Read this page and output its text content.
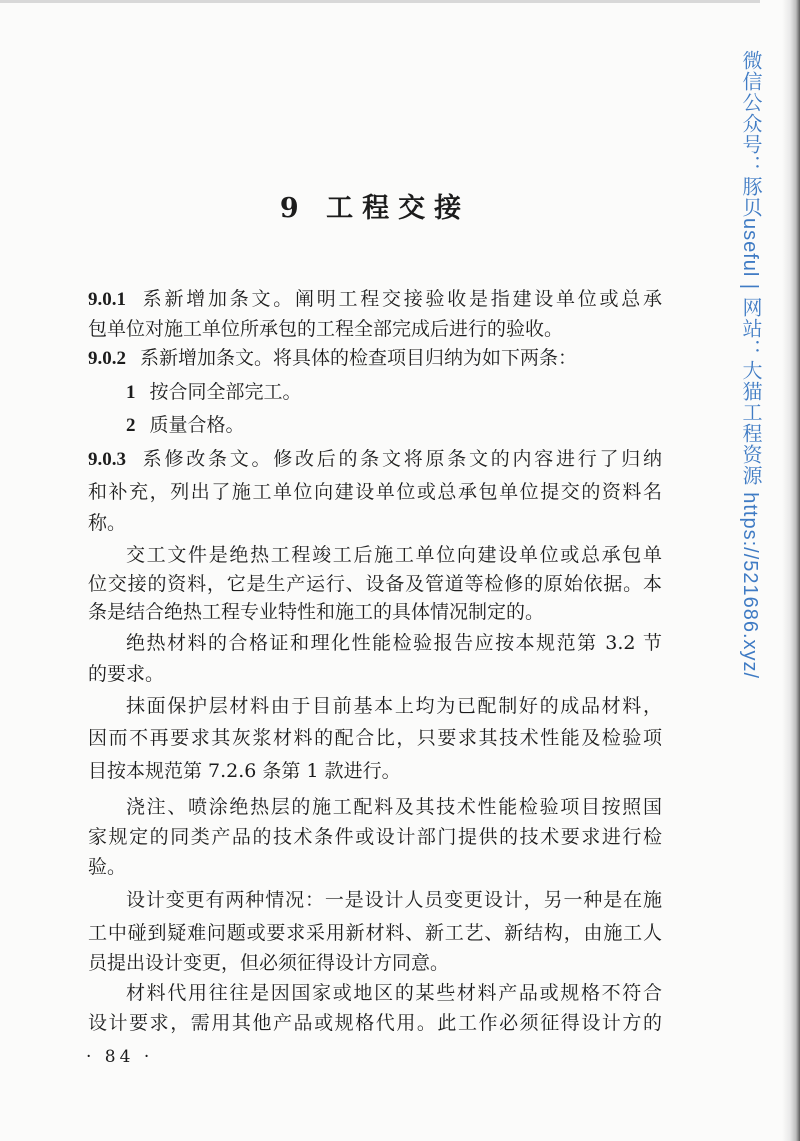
9 工程交接
9.0.1 系新增加条文。阐明工程交接验收是指建设单位或总承
包单位对施工单位所承包的工程全部完成后进行的验收。
9.0.2 系新增加条文。将具体的检查项目归纳为如下两条：
1 按合同全部完工。
2 质量合格。
9.0.3 系修改条文。修改后的条文将原条文的内容进行了归纳
和补充，列出了施工单位向建设单位或总承包单位提交的资料名
称。
交工文件是绝热工程竣工后施工单位向建设单位或总承包单
位交接的资料，它是生产运行、设备及管道等检修的原始依据。本
条是结合绝热工程专业特性和施工的具体情况制定的。
绝热材料的合格证和理化性能检验报告应按本规范第 3.2 节
的要求。
抹面保护层材料由于目前基本上均为已配制好的成品材料，
因而不再要求其灰浆材料的配合比，只要求其技术性能及检验项
目按本规范第 7.2.6 条第 1 款进行。
浇注、喷涂绝热层的施工配料及其技术性能检验项目按照国
家规定的同类产品的技术条件或设计部门提供的技术要求进行检
验。
设计变更有两种情况：一是设计人员变更设计，另一种是在施
工中碰到疑难问题或要求采用新材料、新工艺、新结构，由施工人
员提出设计变更，但必须征得设计方同意。
材料代用往往是因国家或地区的某些材料产品或规格不符合
设计要求，需用其他产品或规格代用。此工作必须征得设计方的
· 84 ·
微信公众号：豚贝useful | 网站：大猫工程资源 https://521686.xyz/
